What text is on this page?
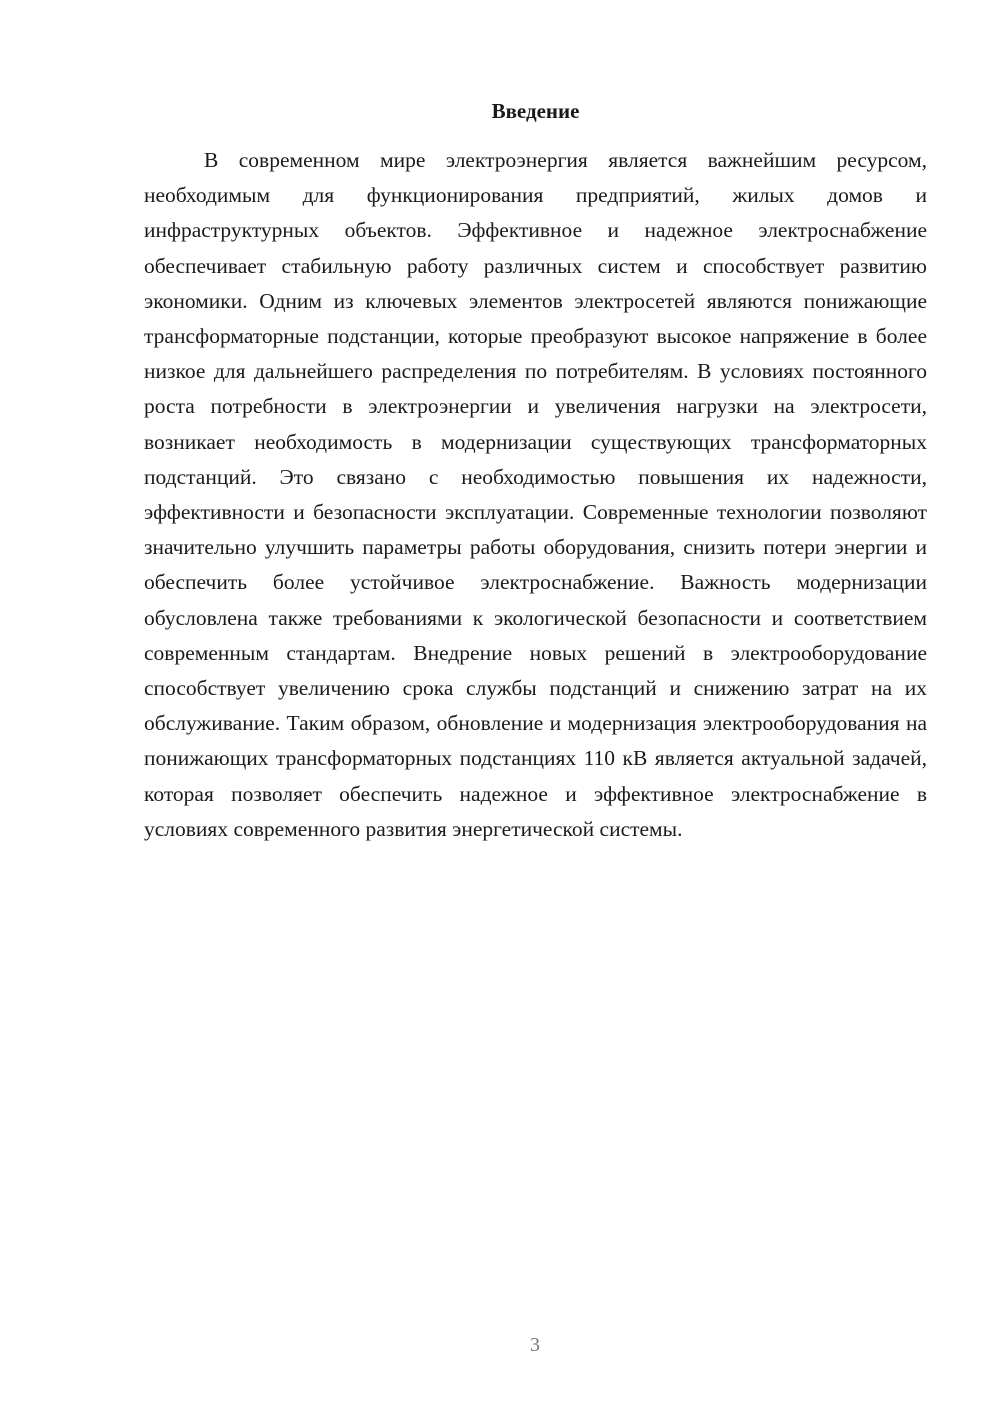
Введение

В современном мире электроэнергия является важнейшим ресурсом, необходимым для функционирования предприятий, жилых домов и инфраструктурных объектов. Эффективное и надежное электроснабжение обеспечивает стабильную работу различных систем и способствует развитию экономики. Одним из ключевых элементов электросетей являются понижающие трансформаторные подстанции, которые преобразуют высокое напряжение в более низкое для дальнейшего распределения по потребителям. В условиях постоянного роста потребности в электроэнергии и увеличения нагрузки на электросети, возникает необходимость в модернизации существующих трансформаторных подстанций. Это связано с необходимостью повышения их надежности, эффективности и безопасности эксплуатации. Современные технологии позволяют значительно улучшить параметры работы оборудования, снизить потери энергии и обеспечить более устойчивое электроснабжение. Важность модернизации обусловлена также требованиями к экологической безопасности и соответствием современным стандартам. Внедрение новых решений в электрооборудование способствует увеличению срока службы подстанций и снижению затрат на их обслуживание. Таким образом, обновление и модернизация электрооборудования на понижающих трансформаторных подстанциях 110 кВ является актуальной задачей, которая позволяет обеспечить надежное и эффективное электроснабжение в условиях современного развития энергетической системы.

3
